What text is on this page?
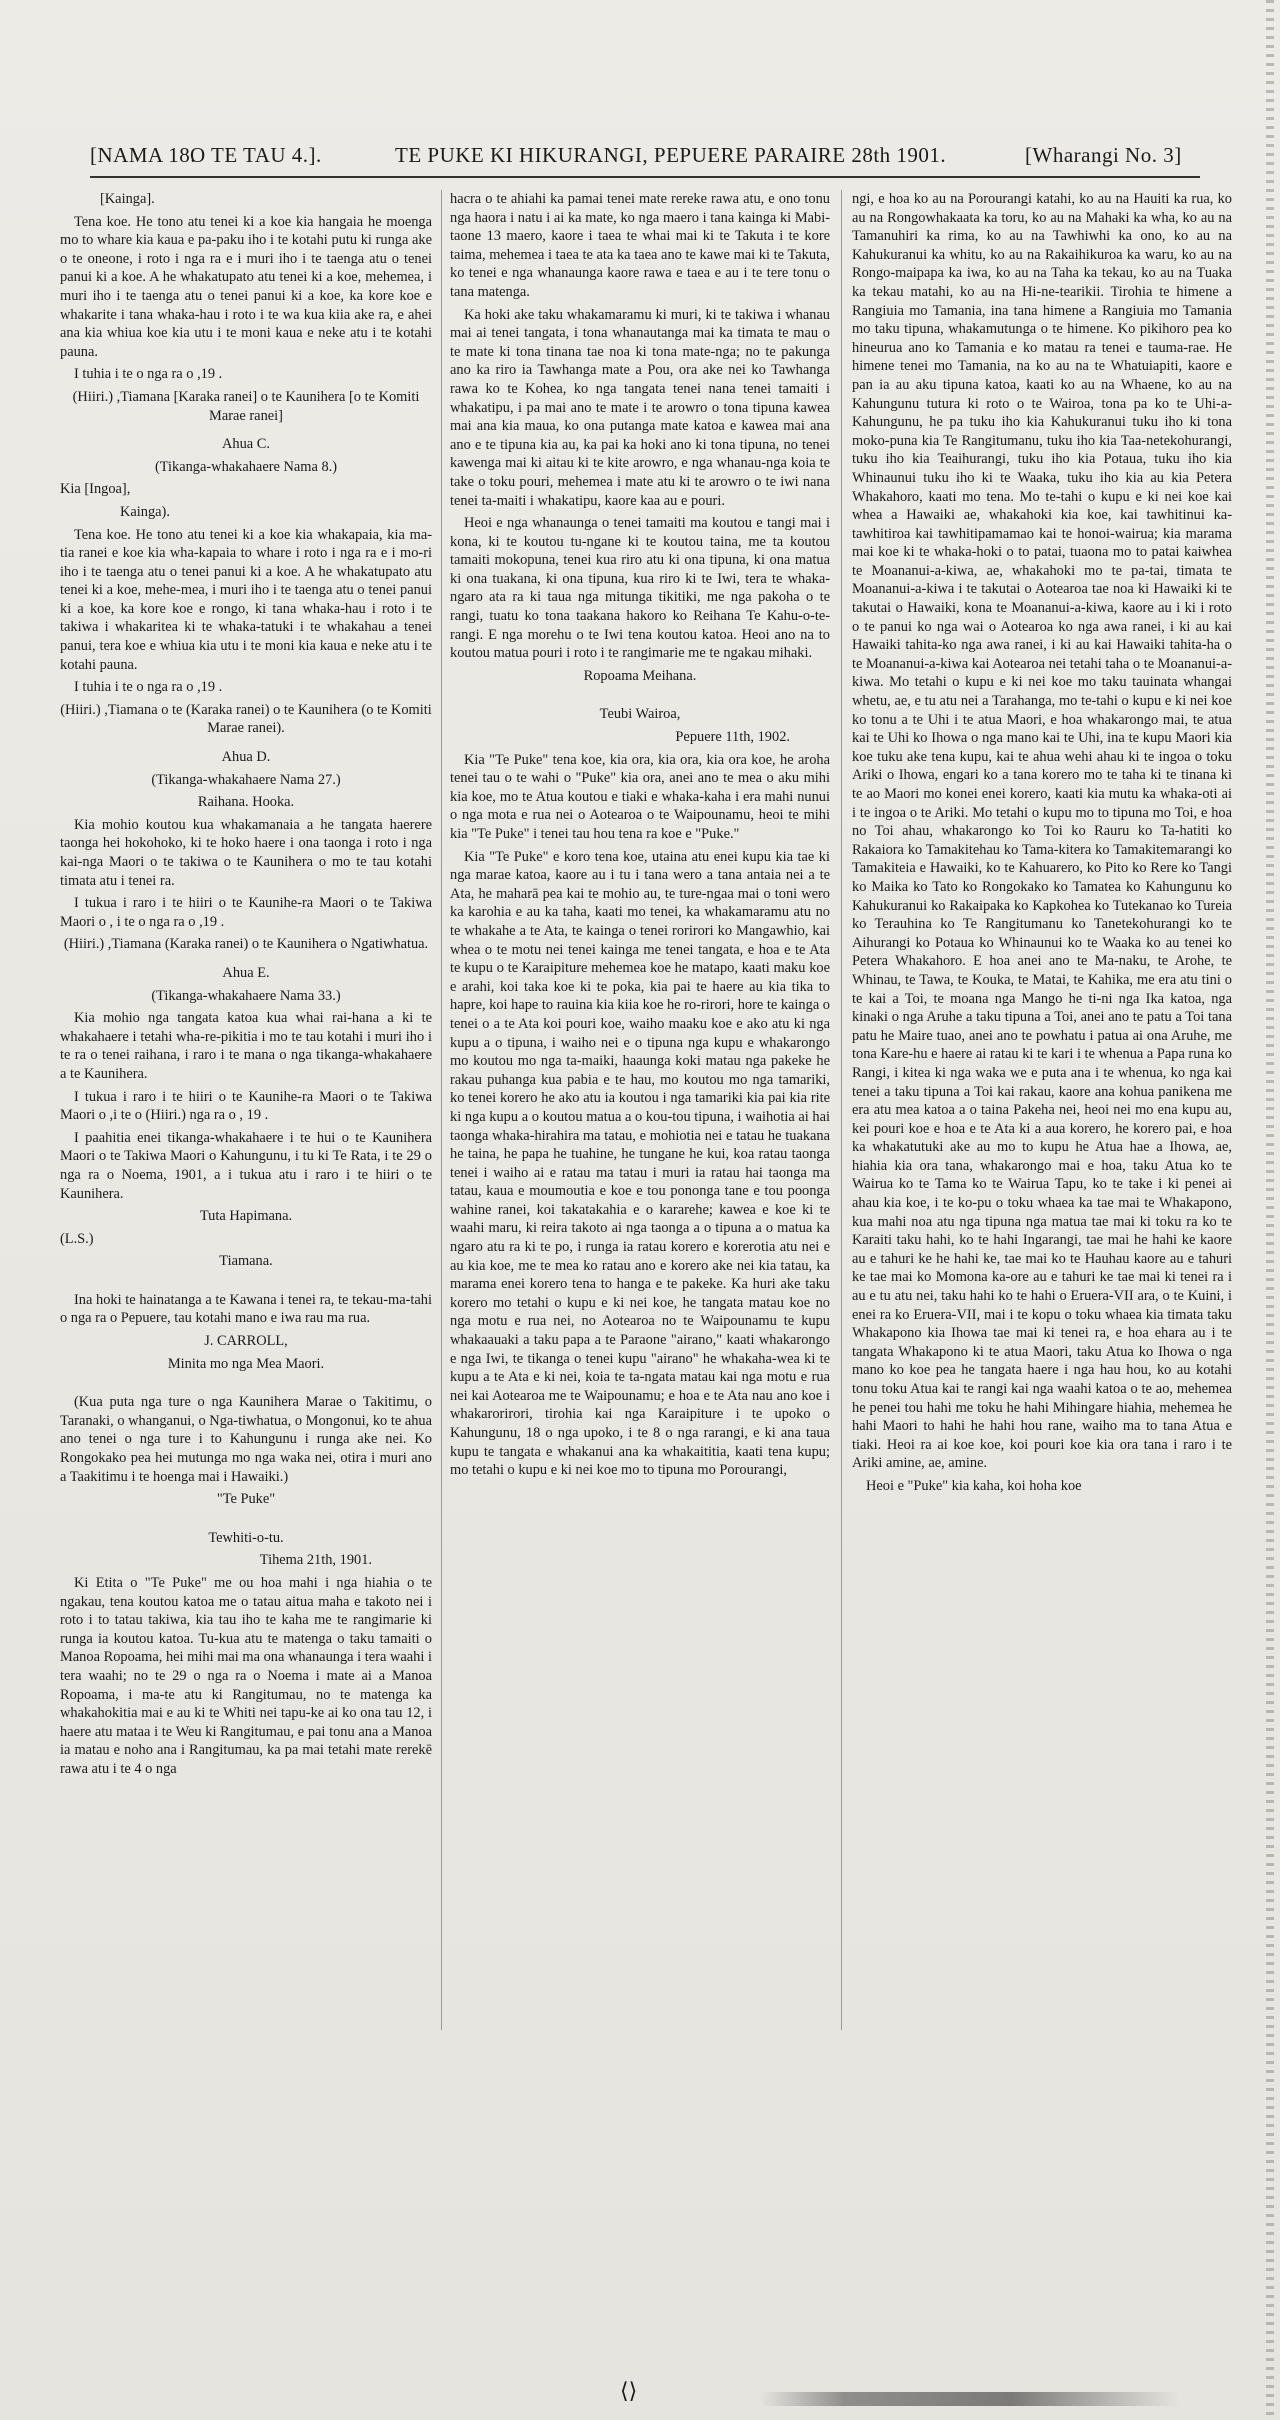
[NAMA 18.
O TE TAU 4.].	TE PUKE KI HIKURANGI, PEPUERE PARAIRE 28th 1901.	[Wharangi No. 3]

[Kainga].

Tena koe. He tono atu tenei ki a koe kia hangaia he moenga mo to whare kia kaua e pa-paku iho i te kotahi putu ki runga ake o te oneone, i roto i nga ra e i muri iho i te taenga atu o tenei panui ki a koe. A he whakatupato atu tenei ki a koe, mehemea, i muri iho i te taenga atu o tenei panui ki a koe, ka kore koe e whakarite i tana whaka-hau i roto i te wa kua kiia ake ra, e ahei ana kia whiua koe kia utu i te moni kaua e neke atu i te kotahi pauna.

I tuhia i te o nga ra o ,19 .

(Hiiri.) ,Tiamana [Karaka ranei] o te Kaunihera [o te Komiti Marae ranei]

Ahua C.

(Tikanga-whakahaere Nama 8.)

Kia [Ingoa],

Kainga).

Tena koe. He tono atu tenei ki a koe kia whakapaia, kia ma-tia ranei e koe kia wha-kapaia to whare i roto i nga ra e i mo-ri iho i te taenga atu o tenei panui ki a koe. A he whakatupato atu tenei ki a koe, mehe-mea, i muri iho i te taenga atu o tenei panui ki a koe, ka kore koe e rongo, ki tana whaka-hau i roto i te takiwa i whakaritea ki te whaka-tatuki i te whakahau a tenei panui, tera koe e whiua kia utu i te moni kia kaua e neke atu i te kotahi pauna.

I tuhia i te o nga ra o ,19 .

(Hiiri.) ,Tiamana o te (Karaka ranei) o te Kaunihera (o te Komiti Marae ranei).

Ahua D.

(Tikanga-whakahaere Nama 27.)

Raihana. Hooka.

Kia mohio koutou kua whakamanaia a he tangata haerere taonga hei hokohoko, ki te hoko haere i ona taonga i roto i nga kai-nga Maori o te takiwa o te Kaunihera o mo te tau kotahi timata atu i tenei ra.

I tukua i raro i te hiiri o te Kaunihe-ra Maori o te Takiwa Maori o , i te o nga ra o ,19 .

(Hiiri.) ,Tiamana (Karaka ranei) o te Kaunihera o Ngatiwhatua.

Ahua E.

(Tikanga-whakahaere Nama 33.)

Kia mohio nga tangata katoa kua whai rai-hana a ki te whakahaere i tetahi wha-re-pikitia i mo te tau kotahi i muri iho i te ra o tenei raihana, i raro i te mana o nga tikanga-whakahaere a te Kaunihera.

I tukua i raro i te hiiri o te Kaunihe-ra Maori o te Takiwa Maori o ,i te o (Hiiri.) nga ra o , 19 .

I paahitia enei tikanga-whakahaere i te hui o te Kaunihera Maori o te Takiwa Maori o Kahungunu, i tu ki Te Rata, i te 29 o nga ra o Noema, 1901, a i tukua atu i raro i te hiiri o te Kaunihera.

Tuta Hapimana.

(L.S.)

Tiamana.

Ina hoki te hainatanga a te Kawana i tenei ra, te tekau-ma-tahi o nga ra o Pepuere, tau kotahi mano e iwa rau ma rua.

J. CARROLL,

Minita mo nga Mea Maori.

(Kua puta nga ture o nga Kaunihera Marae o Takitimu, o Taranaki, o whanganui, o Nga-tiwhatua, o Mongonui, ko te ahua ano tenei o nga ture i to Kahungunu i runga ake nei. Ko Rongokako pea hei mutunga mo nga waka nei, otira i muri ano a Taakitimu i te hoenga mai i Hawaiki.)

"Te Puke"

Tewhiti-o-tu.

Tihema 21th, 1901.

Ki Etita o "Te Puke" me ou hoa mahi i nga hiahia o te ngakau, tena koutou katoa me o tatau aitua maha e takoto nei i roto i to tatau takiwa, kia tau iho te kaha me te rangimarie ki runga ia koutou katoa. Tu-kua atu te matenga o taku tamaiti o Manoa Ropoama, hei mihi mai ma ona whanaunga i tera waahi i tera waahi; no te 29 o nga ra o Noema i mate ai a Manoa Ropoama, i ma-te atu ki Rangitumau, no te matenga ka whakahokitia mai e au ki te Whiti nei tapu-ke ai ko ona tau 12, i haere atu mataa i te Weu ki Rangitumau, e pai tonu ana a Manoa ia matau e noho ana i Rangitumau, ka pa mai tetahi mate rerekē rawa atu i te 4 o nga

hacra o te ahiahi ka pamai tenei mate rereke rawa atu, e ono tonu nga haora i natu i ai ka mate, ko nga maero i tana kainga ki Mabi-taone 13 maero, kaore i taea te whai mai ki te Takuta i te kore taima, mehemea i taea te ata ka taea ano te kawe mai ki te Takuta, ko tenei e nga whanaunga kaore rawa e taea e au i te tere tonu o tana matenga.

Ka hoki ake taku whakamaramu ki muri, ki te takiwa i whanau mai ai tenei tangata, i tona whanautanga mai ka timata te mau o te mate ki tona tinana tae noa ki tona mate-nga; no te pakunga ano ka riro ia Tawhanga mate a Pou, ora ake nei ko Tawhanga rawa ko te Kohea, ko nga tangata tenei nana tenei tamaiti i whakatipu, i pa mai ano te mate i te arowro o tona tipuna kawea mai ana kia maua, ko ona putanga mate katoa e kawea mai ana ano e te tipuna kia au, ka pai ka hoki ano ki tona tipuna, no tenei kawenga mai ki aitau ki te kite arowro, e nga whanau-nga koia te take o toku pouri, mehemea i mate atu ki te arowro o te iwi nana tenei ta-maiti i whakatipu, kaore kaa au e pouri.

Heoi e nga whanaunga o tenei tamaiti ma koutou e tangi mai i kona, ki te koutou tu-ngane ki te koutou taina, me ta koutou tamaiti mokopuna, tenei kua riro atu ki ona tipuna, ki ona matua ki ona tuakana, ki ona tipuna, kua riro ki te Iwi, tera te whaka-ngaro ata ra ki taua nga mitunga tikitiki, me nga pakoha o te rangi, tuatu ko tona taakana hakoro ko Reihana Te Kahu-o-te-rangi. E nga morehu o te Iwi tena koutou katoa. Heoi ano na to koutou matua pouri i roto i te rangimarie me te ngakau mihaki.

Ropoama Meihana.

Teubi Wairoa,

Pepuere 11th, 1902.

Kia "Te Puke" tena koe, kia ora, kia ora, kia ora koe, he aroha tenei tau o te wahi o "Puke" kia ora, anei ano te mea o aku mihi kia koe, mo te Atua koutou e tiaki e whaka-kaha i era mahi nunui o nga mota e rua nei o Aotearoa o te Waipounamu, heoi te mihi kia "Te Puke" i tenei tau hou tena ra koe e "Puke."

Kia "Te Puke" e koro tena koe, utaina atu enei kupu kia tae ki nga marae katoa, kaore au i tu i tana wero a tana antaia nei a te Ata, he maharā pea kai te mohio au, te ture-ngaa mai o toni wero ka karohia e au ka taha, kaati mo tenei, ka whakamaramu atu no te whakahe a te Ata, te kainga o tenei rorirori ko Mangawhio, kai whea o te motu nei tenei kainga me tenei tangata, e hoa e te Ata te kupu o te Karaipiture mehemea koe he matapo, kaati maku koe e arahi, koi taka koe ki te poka, kia pai te haere au kia tika to hapre, koi hape to rauina kia kiia koe he ro-rirori, hore te kainga o tenei o a te Ata koi pouri koe, waiho maaku koe e ako atu ki nga kupu a o tipuna, i waiho nei e o tipuna nga kupu e whakarongo mo koutou mo nga ta-maiki, haaunga koki matau nga pakeke he rakau puhanga kua pabia e te hau, mo koutou mo nga tamariki, ko tenei korero he ako atu ia koutou i nga tamariki kia pai kia rite ki nga kupu a o koutou matua a o kou-tou tipuna, i waihotia ai hai taonga whaka-hirahira ma tatau, e mohiotia nei e tatau he tuakana he taina, he papa he tuahine, he tungane he kui, koa ratau taonga tenei i waiho ai e ratau ma tatau i muri ia ratau hai taonga ma tatau, kaua e moumoutia e koe e tou pononga tane e tou poonga wahine ranei, koi takatakahia e o kararehe; kawea e koe ki te waahi maru, ki reira takoto ai nga taonga a o tipuna a o matua ka ngaro atu ra ki te po, i runga ia ratau korero e korerotia atu nei e au kia koe, me te mea ko ratau ano e korero ake nei kia tatau, ka marama enei korero tena to hanga e te pakeke. Ka huri ake taku korero mo tetahi o kupu e ki nei koe, he tangata matau koe no nga motu e rua nei, no Aotearoa no te Waipounamu te kupu whakaauaki a taku papa a te Paraone "airano," kaati whakarongo e nga Iwi, te tikanga o tenei kupu "airano" he whakaha-wea ki te kupu a te Ata e ki nei, koia te ta-ngata matau kai nga motu e rua nei kai Aotearoa me te Waipounamu; e hoa e te Ata nau ano koe i whakarorirori, tirohia kai nga Karaipiture i te upoko o Kahungunu, 18 o nga upoko, i te 8 o nga rarangi, e ki ana taua kupu te tangata e whakanui ana ka whakaititia, kaati tena kupu; mo tetahi o kupu e ki nei koe mo to tipuna mo Porourangi,

ngi, e hoa ko au na Porourangi katahi, ko au na Hauiti ka rua, ko au na Rongowhakaata ka toru, ko au na Mahaki ka wha, ko au na Tamanuhiri ka rima, ko au na Tawhiwhi ka ono, ko au na Kahukuranui ka whitu, ko au na Rakaihikuroa ka waru, ko au na Rongo-maipapa ka iwa, ko au na Taha ka tekau, ko au na Tuaka ka tekau matahi, ko au na Hi-ne-tearikii. Tirohia te himene a Rangiuia mo Tamania, ina tana himene a Rangiuia mo Tamania mo taku tipuna, whakamutunga o te himene. Ko pikihoro pea ko hineurua ano ko Tamania e ko matau ra tenei e tauma-rae. He himene tenei mo Tamania, na ko au na te Whatuiapiti, kaore e pan ia au aku tipuna katoa, kaati ko au na Whaene, ko au na Kahungunu tutura ki roto o te Wairoa, tona pa ko te Uhi-a-Kahungunu, he pa tuku iho kia Kahukuranui tuku iho ki tona moko-puna kia Te Rangitumanu, tuku iho kia Taa-netekohurangi, tuku iho kia Teaihurangi, tuku iho kia Potaua, tuku iho kia Whinaunui tuku iho ki te Waaka, tuku iho kia au kia Petera Whakahoro, kaati mo tena. Mo te-tahi o kupu e ki nei koe kai whea a Hawaiki ae, whakahoki kia koe, kai tawhitinui ka-tawhitiroa kai tawhitipamamao kai te honoi-wairua; kia marama mai koe ki te whaka-hoki o to patai, tuaona mo to patai kaiwhea te Moananui-a-kiwa, ae, whakahoki mo te pa-tai, timata te Moananui-a-kiwa i te takutai o Aotearoa tae noa ki Hawaiki ki te takutai o Hawaiki, kona te Moananui-a-kiwa, kaore au i ki i roto o te panui ko nga wai o Aotearoa ko nga awa ranei, i ki au kai Hawaiki tahita-ko nga awa ranei, i ki au kai Hawaiki tahita-ha o te Moananui-a-kiwa kai Aotearoa nei tetahi taha o te Moananui-a-kiwa. Mo tetahi o kupu e ki nei koe mo taku tauinata whangai whetu, ae, e tu atu nei a Tarahanga, mo te-tahi o kupu e ki nei koe ko tonu a te Uhi i te atua Maori, e hoa whakarongo mai, te atua kai te Uhi ko Ihowa o nga mano kai te Uhi, ina te kupu Maori kia koe tuku ake tena kupu, kai te ahua wehi ahau ki te ingoa o toku Ariki o Ihowa, engari ko a tana korero mo te taha ki te tinana ki te ao Maori mo konei enei korero, kaati kia mutu ka whaka-oti ai i te ingoa o te Ariki. Mo tetahi o kupu mo to tipuna mo Toi, e hoa no Toi ahau, whakarongo ko Toi ko Rauru ko Ta-hatiti ko Rakaiora ko Tamakitehau ko Tama-kitera ko Tamakitemarangi ko Tamakiteia e Hawaiki, ko te Kahuarero, ko Pito ko Rere ko Tangi ko Maika ko Tato ko Rongokako ko Tamatea ko Kahungunu ko Kahukuranui ko Rakaipaka ko Kapkohea ko Tutekanao ko Tureia ko Terauhina ko Te Rangitumanu ko Tanetekohurangi ko te Aihurangi ko Potaua ko Whinaunui ko te Waaka ko au tenei ko Petera Whakahoro. E hoa anei ano te Ma-naku, te Arohe, te Whinau, te Tawa, te Kouka, te Matai, te Kahika, me era atu tini o te kai a Toi, te moana nga Mango he ti-ni nga Ika katoa, nga kinaki o nga Aruhe a taku tipuna a Toi, anei ano te patu a Toi tana patu he Maire tuao, anei ano te powhatu i patua ai ona Aruhe, me tona Kare-hu e haere ai ratau ki te kari i te whenua a Papa runa ko Rangi, i kitea ki nga waka we e puta ana i te whenua, ko nga kai tenei a taku tipuna a Toi kai rakau, kaore ana kohua panikena me era atu mea katoa a o taina Pakeha nei, heoi nei mo ena kupu au, kei pouri koe e hoa e te Ata ki a aua korero, he korero pai, e hoa ka whakatutuki ake au mo to kupu he Atua hae a Ihowa, ae, hiahia kia ora tana, whakarongo mai e hoa, taku Atua ko te Wairua ko te Tama ko te Wairua Tapu, ko te take i ki penei ai ahau kia koe, i te ko-pu o toku whaea ka tae mai te Whakapono, kua mahi noa atu nga tipuna nga matua tae mai ki toku ra ko te Karaiti taku hahi, ko te hahi Ingarangi, tae mai he hahi ke kaore au e tahuri ke he hahi ke, tae mai ko te Hauhau kaore au e tahuri ke tae mai ko Momona ka-ore au e tahuri ke tae mai ki tenei ra i au e tu atu nei, taku hahi ko te hahi o Eruera-VII ara, o te Kuini, i enei ra ko Eruera-VII, mai i te kopu o toku whaea kia timata taku Whakapono kia Ihowa tae mai ki tenei ra, e hoa ehara au i te tangata Whakapono ki te atua Maori, taku Atua ko Ihowa o nga mano ko koe pea he tangata haere i nga hau hou, ko au kotahi tonu toku Atua kai te rangi kai nga waahi katoa o te ao, mehemea he penei tou hahi me toku he hahi Mihingare hiahia, mehemea he hahi Maori to hahi he hahi hou rane, waiho ma to tana Atua e tiaki. Heoi ra ai koe koe, koi pouri koe kia ora tana i raro i te Ariki amine, ae, amine.

Heoi e "Puke" kia kaha, koi hoha koe

⟨⟩
